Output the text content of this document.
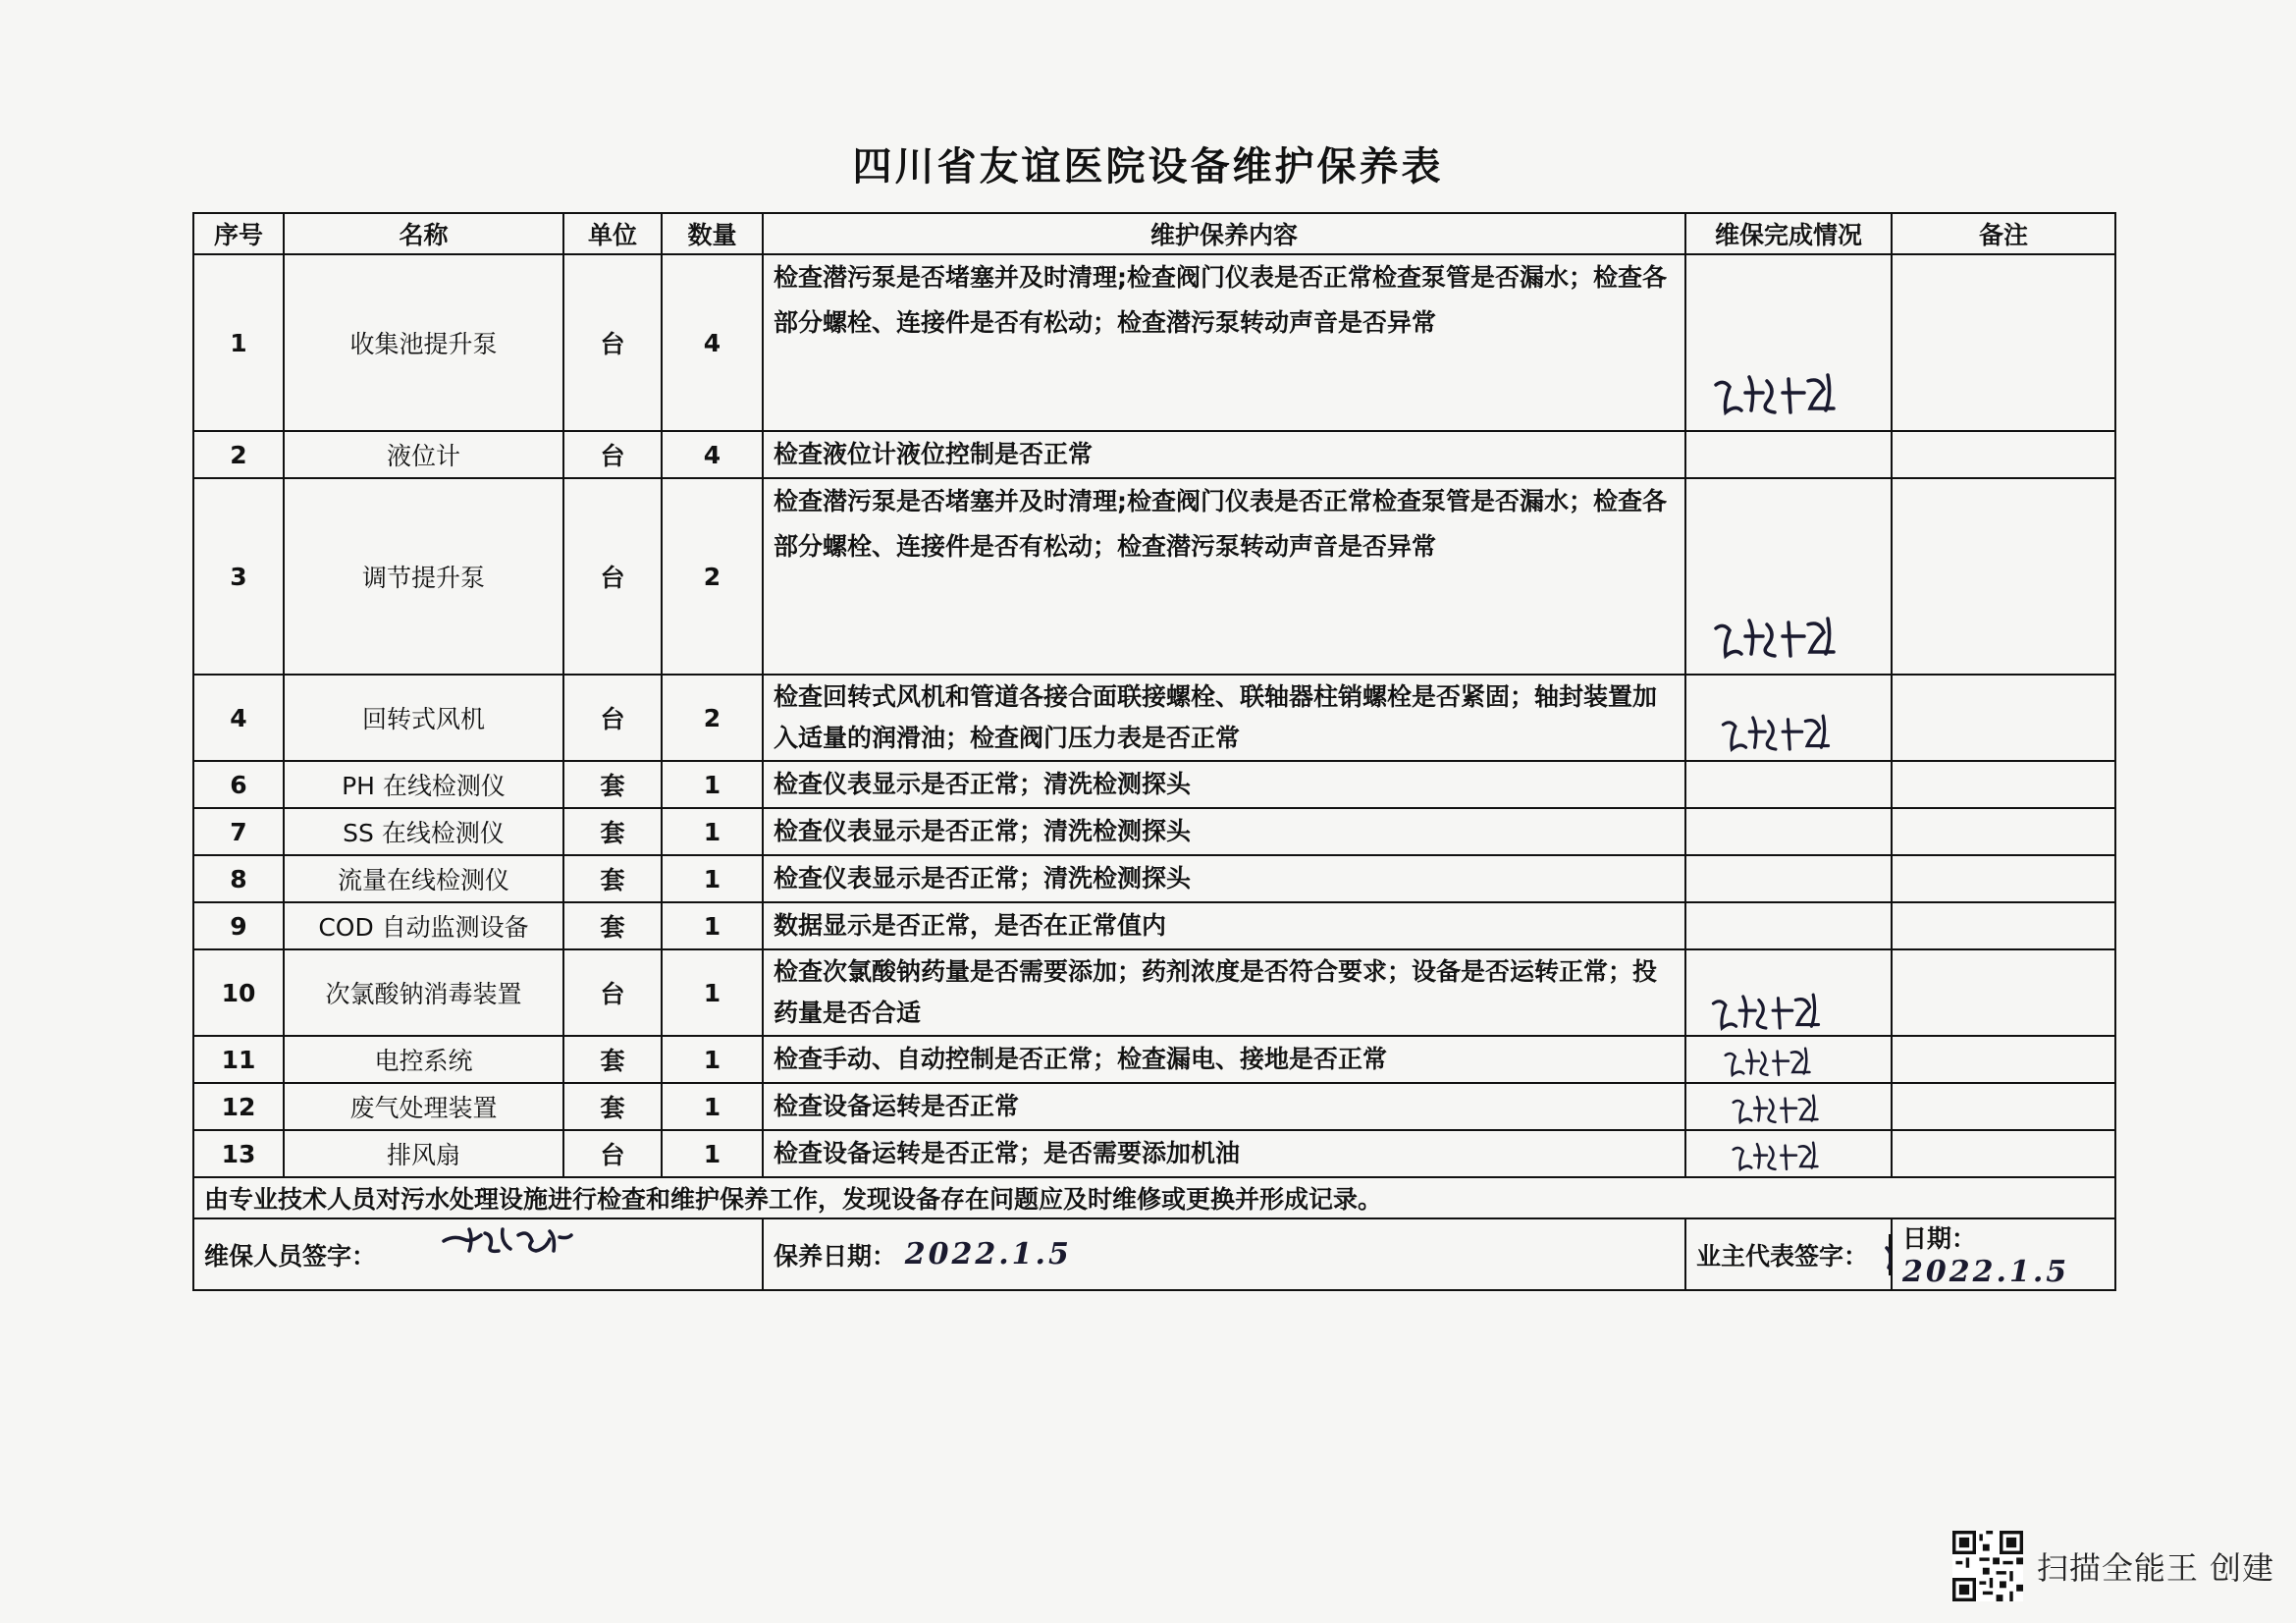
四川省友谊医院设备维护保养表
序号	名称	单位	数量	维护保养内容	维保完成情况	备注
1	收集池提升泵	台	4	检查潜污泵是否堵塞并及时清理;检查阀门仪表是否正常检查泵管是否漏水；检查各部分螺栓、连接件是否有松动；检查潜污泵转动声音是否异常	

2	液位计	台	4	检查液位计液位控制是否正常		
3	调节提升泵	台	2	检查潜污泵是否堵塞并及时清理;检查阀门仪表是否正常检查泵管是否漏水；检查各部分螺栓、连接件是否有松动；检查潜污泵转动声音是否异常	

4	回转式风机	台	2	检查回转式风机和管道各接合面联接螺栓、联轴器柱销螺栓是否紧固；轴封装置加入适量的润滑油；检查阀门压力表是否正常	

6	PH 在线检测仪	套	1	检查仪表显示是否正常；清洗检测探头		
7	SS 在线检测仪	套	1	检查仪表显示是否正常；清洗检测探头		
8	流量在线检测仪	套	1	检查仪表显示是否正常；清洗检测探头		
9	COD 自动监测设备	套	1	数据显示是否正常，是否在正常值内		
10	次氯酸钠消毒装置	台	1	检查次氯酸钠药量是否需要添加；药剂浓度是否符合要求；设备是否运转正常；投药量是否合适	

11	电控系统	套	1	检查手动、自动控制是否正常；检查漏电、接地是否正常	

12	废气处理装置	套	1	检查设备运转是否正常	

13	排风扇	台	1	检查设备运转是否正常；是否需要添加机油	

由专业技术人员对污水处理设施进行检查和维护保养工作，发现设备存在问题应及时维修或更换并形成记录。						
维保人员签字：				保养日期： 2022.1.5	业主代表签字：	日期： 2022.1.5
扫描全能王 创建
